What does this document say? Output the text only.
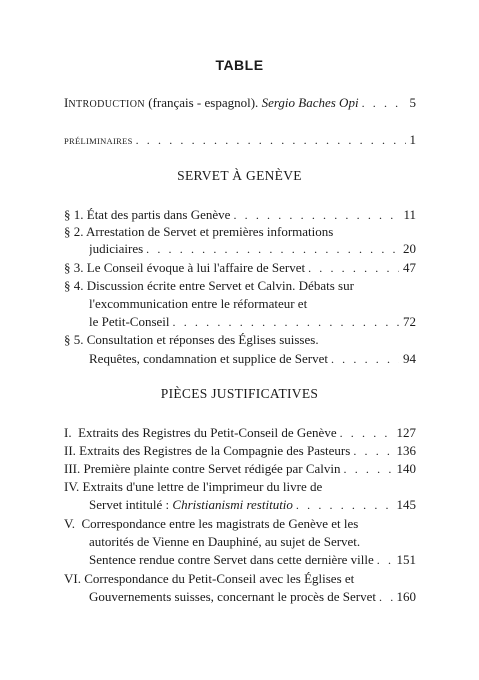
TABLE
INTRODUCTION (français - espagnol). Sergio Baches Opi . . .	5
PRÉLIMINAIRES . . .	1
SERVET À GENÈVE
§ 1. État des partis dans Genève . . .	11
§ 2. Arrestation de Servet et premières informations
judiciaires . . .	20
§ 3. Le Conseil évoque à lui l'affaire de Servet . . .	47
§ 4. Discussion écrite entre Servet et Calvin. Débats sur
l'excommunication entre le réformateur et
le Petit-Conseil . . .	72
§ 5. Consultation et réponses des Églises suisses.
Requêtes, condamnation et supplice de Servet . . .	94
PIÈCES JUSTIFICATIVES
I. Extraits des Registres du Petit-Conseil de Genève . . .	127
II. Extraits des Registres de la Compagnie des Pasteurs . . .	136
III. Première plainte contre Servet rédigée par Calvin . . .	140
IV. Extraits d'une lettre de l'imprimeur du livre de
Servet intitulé : Christianismi restitutio . . .	145
V. Correspondance entre les magistrats de Genève et les
autorités de Vienne en Dauphiné, au sujet de Servet.
Sentence rendue contre Servet dans cette dernière ville . . . 151
VI. Correspondance du Petit-Conseil avec les Églises et
Gouvernements suisses, concernant le procès de Servet . . . 160
